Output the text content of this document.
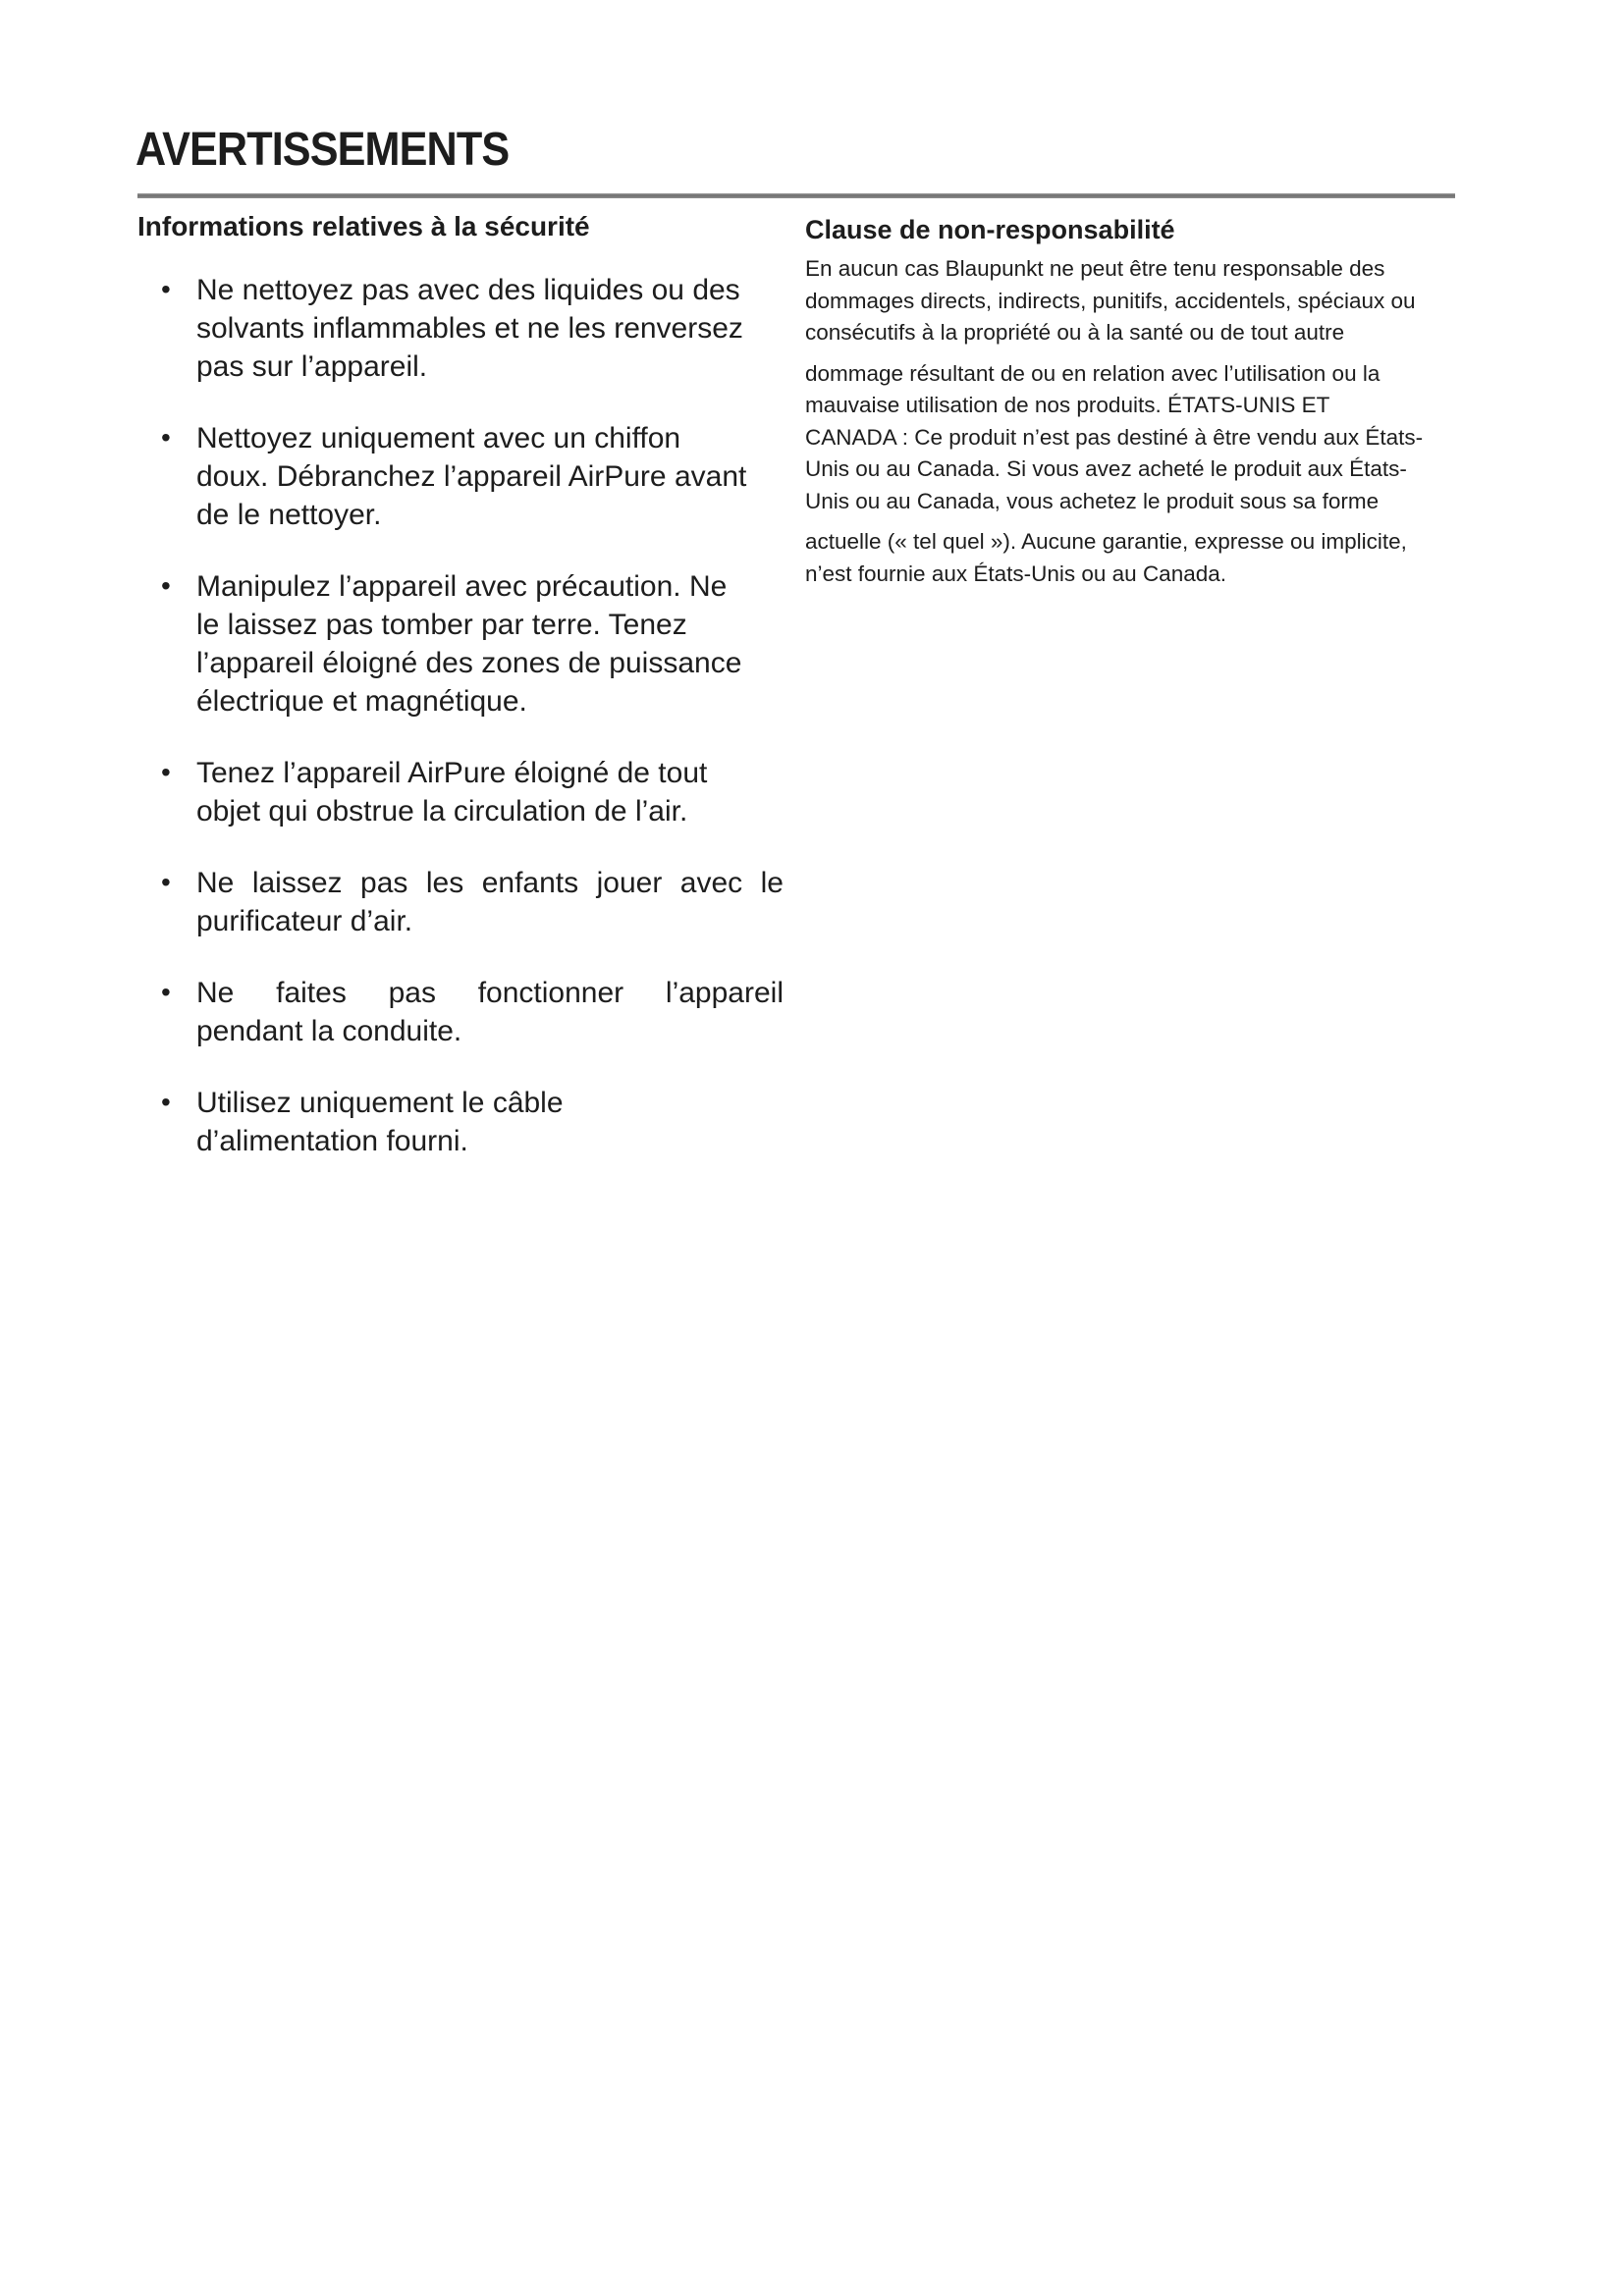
AVERTISSEMENTS
Informations relatives à la sécurité
• Ne nettoyez pas avec des liquides ou des
solvants inflammables et ne les renversez
pas sur l’appareil.
• Nettoyez uniquement avec un chiffon
doux. Débranchez l’appareil AirPure avant
de le nettoyer.
• Manipulez l’appareil avec précaution. Ne
le laissez pas tomber par terre. Tenez
l’appareil éloigné des zones de puissance
électrique et magnétique.
• Tenez l’appareil AirPure éloigné de tout
objet qui obstrue la circulation de l’air.
• Ne laissez pas les enfants jouer avec le
purificateur d’air.
• Ne faites pas fonctionner l’appareil
pendant la conduite.
• Utilisez uniquement le câble
d’alimentation fourni.
Clause de non-responsabilité

En aucun cas Blaupunkt ne peut être tenu responsable des
dommages directs, indirects, punitifs, accidentels, spéciaux ou
consécutifs à la propriété ou à la santé ou de tout autre

dommage résultant de ou en relation avec l’utilisation ou la
mauvaise utilisation de nos produits. ÉTATS-UNIS ET
CANADA : Ce produit n’est pas destiné à être vendu aux États-
Unis ou au Canada. Si vous avez acheté le produit aux États-
Unis ou au Canada, vous achetez le produit sous sa forme

actuelle (« tel quel »). Aucune garantie, expresse ou implicite,
n’est fournie aux États-Unis ou au Canada.
